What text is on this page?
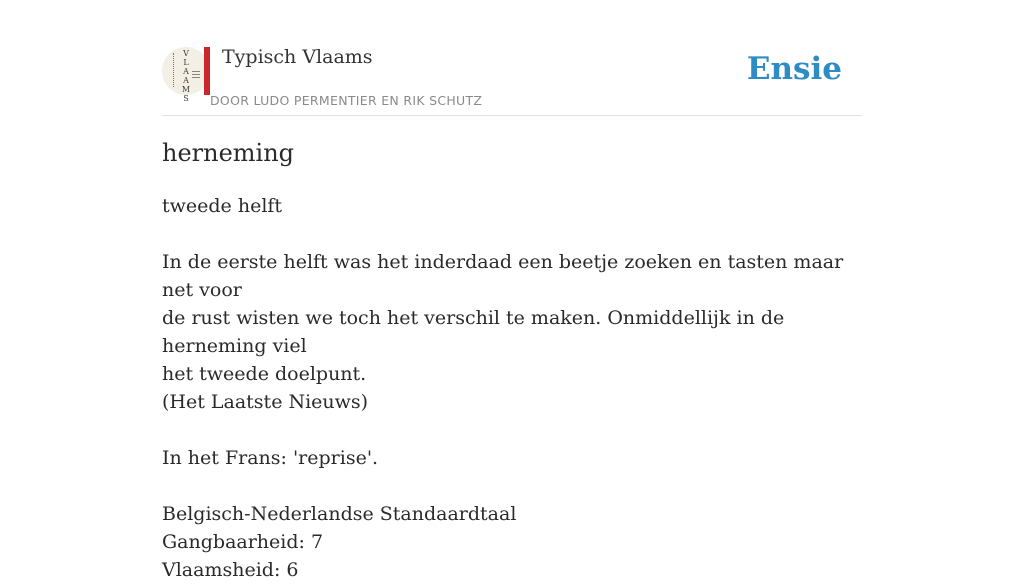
V
L
A
A
M
S
Typisch Vlaams
DOOR LUDO PERMENTIER EN RIK SCHUTZ
Ensie
herneming

tweede helft

In de eerste helft was het inderdaad een beetje zoeken en tasten maar net voor

de rust wisten we toch het verschil te maken. Onmiddellijk in de herneming viel

het tweede doelpunt.

(Het Laatste Nieuws)

In het Frans: 'reprise'.

Belgisch-Nederlandse Standaardtaal

Gangbaarheid: 7

Vlaamsheid: 6
